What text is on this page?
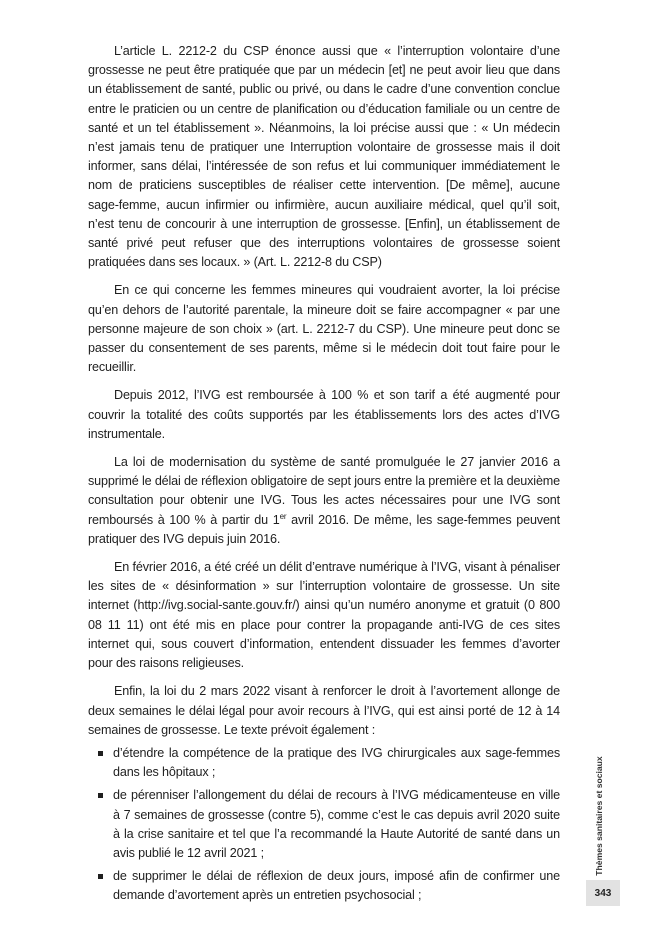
L’article L. 2212-2 du CSP énonce aussi que « l’interruption volontaire d’une grossesse ne peut être pratiquée que par un médecin [et] ne peut avoir lieu que dans un établissement de santé, public ou privé, ou dans le cadre d’une convention conclue entre le praticien ou un centre de planification ou d’éducation familiale ou un centre de santé et un tel établissement ». Néanmoins, la loi précise aussi que : « Un médecin n’est jamais tenu de pratiquer une Interruption volontaire de grossesse mais il doit informer, sans délai, l’intéressée de son refus et lui communiquer immédiatement le nom de praticiens susceptibles de réaliser cette intervention. [De même], aucune sage-femme, aucun infirmier ou infirmière, aucun auxiliaire médical, quel qu’il soit, n’est tenu de concourir à une interruption de grossesse. [Enfin], un établissement de santé privé peut refuser que des interruptions volontaires de grossesse soient pratiquées dans ses locaux. » (Art. L. 2212-8 du CSP)

En ce qui concerne les femmes mineures qui voudraient avorter, la loi précise qu’en dehors de l’autorité parentale, la mineure doit se faire accompagner « par une personne majeure de son choix » (art. L. 2212-7 du CSP). Une mineure peut donc se passer du consentement de ses parents, même si le médecin doit tout faire pour le recueillir.

Depuis 2012, l’IVG est remboursée à 100 % et son tarif a été augmenté pour couvrir la totalité des coûts supportés par les établissements lors des actes d’IVG instrumentale.

La loi de modernisation du système de santé promulguée le 27 janvier 2016 a supprimé le délai de réflexion obligatoire de sept jours entre la première et la deuxième consultation pour obtenir une IVG. Tous les actes nécessaires pour une IVG sont remboursés à 100 % à partir du 1er avril 2016. De même, les sage-femmes peuvent pratiquer des IVG depuis juin 2016.

En février 2016, a été créé un délit d’entrave numérique à l’IVG, visant à pénaliser les sites de « désinformation » sur l’interruption volontaire de grossesse. Un site internet (http://ivg.social-sante.gouv.fr/) ainsi qu’un numéro anonyme et gratuit (0 800 08 11 11) ont été mis en place pour contrer la propagande anti-IVG de ces sites internet qui, sous couvert d’information, entendent dissuader les femmes d’avorter pour des raisons religieuses.

Enfin, la loi du 2 mars 2022 visant à renforcer le droit à l’avortement allonge de deux semaines le délai légal pour avoir recours à l’IVG, qui est ainsi porté de 12 à 14 semaines de grossesse. Le texte prévoit également :

d’étendre la compétence de la pratique des IVG chirurgicales aux sage-femmes dans les hôpitaux ;
de pérenniser l’allongement du délai de recours à l’IVG médicamenteuse en ville à 7 semaines de grossesse (contre 5), comme c’est le cas depuis avril 2020 suite à la crise sanitaire et tel que l’a recommandé la Haute Autorité de santé dans un avis publié le 12 avril 2021 ;
de supprimer le délai de réflexion de deux jours, imposé afin de confirmer une demande d’avortement après un entretien psychosocial ;
Thèmes sanitaires et sociaux
343
